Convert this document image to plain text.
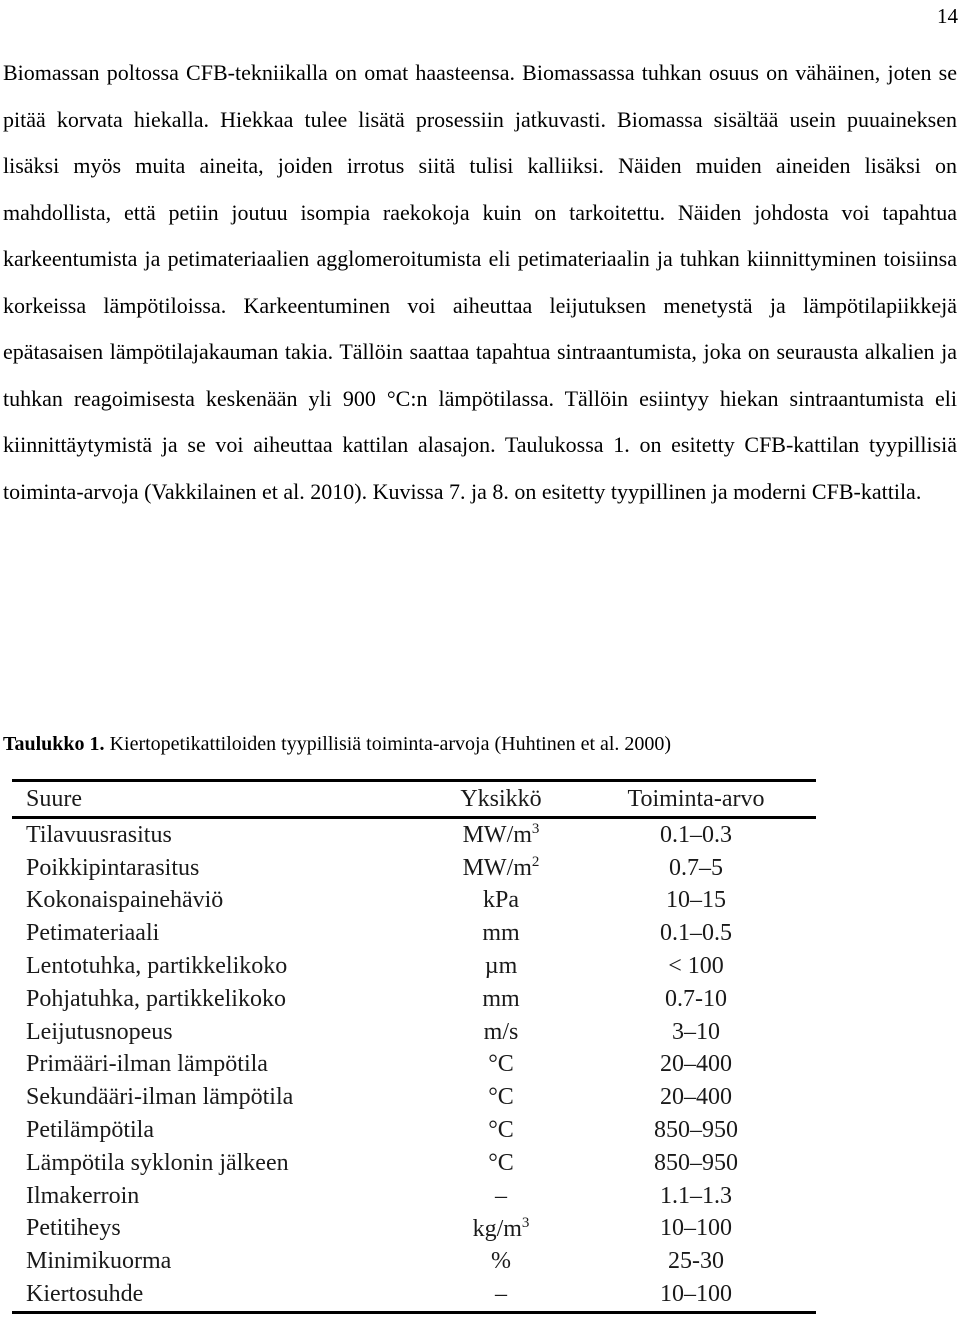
14

Biomassan poltossa CFB-tekniikalla on omat haasteensa. Biomassassa tuhkan osuus on vähäinen, joten se pitää korvata hiekalla. Hiekkaa tulee lisätä prosessiin jatkuvasti. Biomassa sisältää usein puuaineksen lisäksi myös muita aineita, joiden irrotus siitä tulisi kalliiksi. Näiden muiden aineiden lisäksi on mahdollista, että petiin joutuu isompia raekokoja kuin on tarkoitettu. Näiden johdosta voi tapahtua karkeentumista ja petimateriaalien agglomeroitumista eli petimateriaalin ja tuhkan kiinnittyminen toisiinsa korkeissa lämpötiloissa. Karkeentuminen voi aiheuttaa leijutuksen menetystä ja lämpötilapiikkejä epätasaisen lämpötilajakauman takia. Tällöin saattaa tapahtua sintraantumista, joka on seurausta alkalien ja tuhkan reagoimisesta keskenään yli 900 °C:n lämpötilassa. Tällöin esiintyy hiekan sintraantumista eli kiinnittäytymistä ja se voi aiheuttaa kattilan alasajon. Taulukossa 1. on esitetty CFB-kattilan tyypillisiä toiminta-arvoja (Vakkilainen et al. 2010). Kuvissa 7. ja 8. on esitetty tyypillinen ja moderni CFB-kattila.

Taulukko 1. Kiertopetikattiloiden tyypillisiä toiminta-arvoja (Huhtinen et al. 2000)

Suure	Yksikkö	Toiminta-arvo
Tilavuusrasitus	$MW/m^3$	0.1–0.3
Poikkipintarasitus	$MW/m^2$	0.7–5
Kokonaispainehäviö	kPa	10–15
Petimateriaali	mm	0.1–0.5
Lentotuhka, partikkelikoko	µm	< 100
Pohjatuhka, partikkelikoko	mm	0.7-10
Leijutusnopeus	m/s	3–10
Primääri-ilman lämpötila	°C	20–400
Sekundääri-ilman lämpötila	°C	20–400
Petilämpötila	°C	850–950
Lämpötila syklonin jälkeen	°C	850–950
Ilmakerroin	–	1.1–1.3
Petitiheys	$kg/m^3$	10–100
Minimikuorma	%	25-30
Kiertosuhde	–	10–100
